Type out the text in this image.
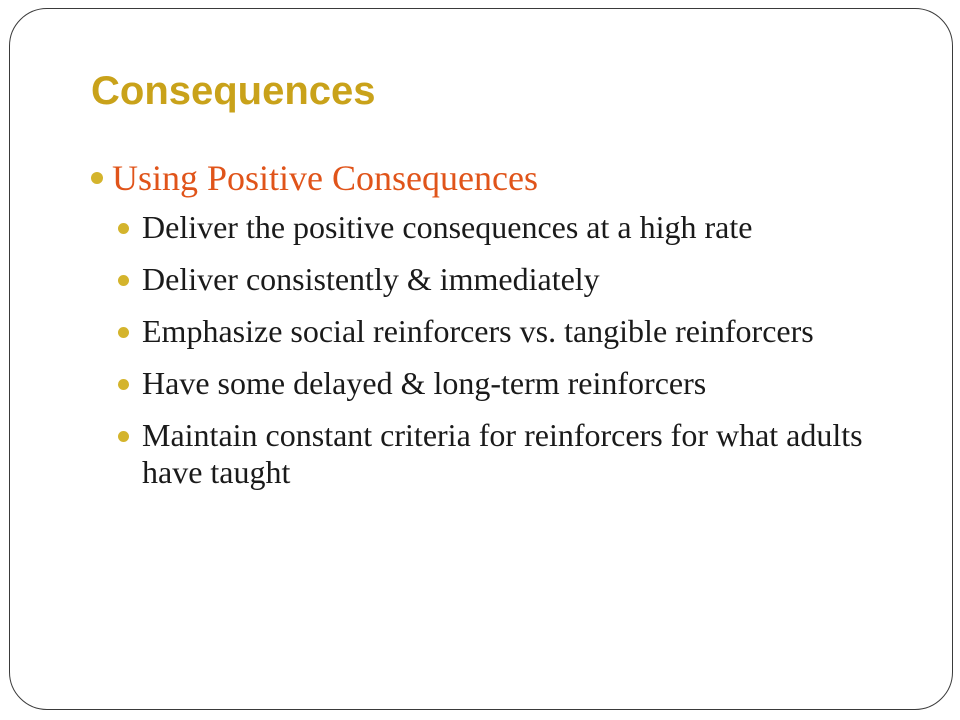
Consequences
Using Positive Consequences
Deliver the positive consequences at a high rate
Deliver consistently & immediately
Emphasize social reinforcers vs. tangible reinforcers
Have some delayed & long-term reinforcers
Maintain constant criteria for reinforcers for what adults have taught
